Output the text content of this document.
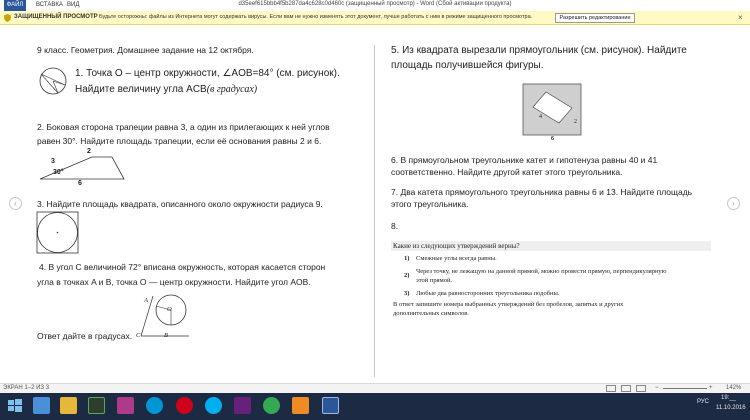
d35eef615bbb4f5b287da4c628c0d460c (защищенный просмотр) - Word (Сбой активации продукта)
ФАЙЛ	ВСТАВКА ВИД
ЗАЩИЩЕННЫЙ ПРОСМОТР Будьте осторожны: файлы из Интернета могут содержать вирусы. Если вам не нужно изменять этот документ, лучше работать с ним в режиме защищенного просмотра.	Разрешить редактирование	×
‹	›
9 класс. Геометрия. Домашнее задание на 12 октября.
1. Точка O – центр окружности, ∠AOB=84° (см. рисунок).
Найдите величину угла ACB(в градусах)
2. Боковая сторона трапеции равна 3, а один из прилегающих к ней углов
равен 30°. Найдите площадь трапеции, если её основания равны 2 и 6.
2
3
30°
6
3. Найдите площадь квадрата, описанного около окружности радиуса 9.
4. В угол C величиной 72° вписана окружность, которая касается сторон
угла в точках A и B, точка O — центр окружности. Найдите угол AOB.
A
O
C	B
Ответ дайте в градусах.
5. Из квадрата вырезали прямоугольник (см. рисунок). Найдите
площадь получившейся фигуры.
4
2
6
6. В прямоугольном треугольнике катет и гипотенуза равны 40 и 41
соответственно. Найдите другой катет этого треугольника.
7. Два катета прямоугольного треугольника равны 6 и 13. Найдите площадь
этого треугольника.
8.
Какие из следующих утверждений верны?
1) Смежные углы всегда равны.
2)
Через точку, не лежащую на данной прямой, можно провести прямую, перпендикулярную
этой прямой.
3) Любые два равносторонних треугольника подобны.
В ответ запишите номера выбранных утверждений без пробелов, запятых и других
дополнительных символов.
ЭКРАН 1–2 ИЗ 3	−	+ 142%
РУС
19:__
11.10.2016
